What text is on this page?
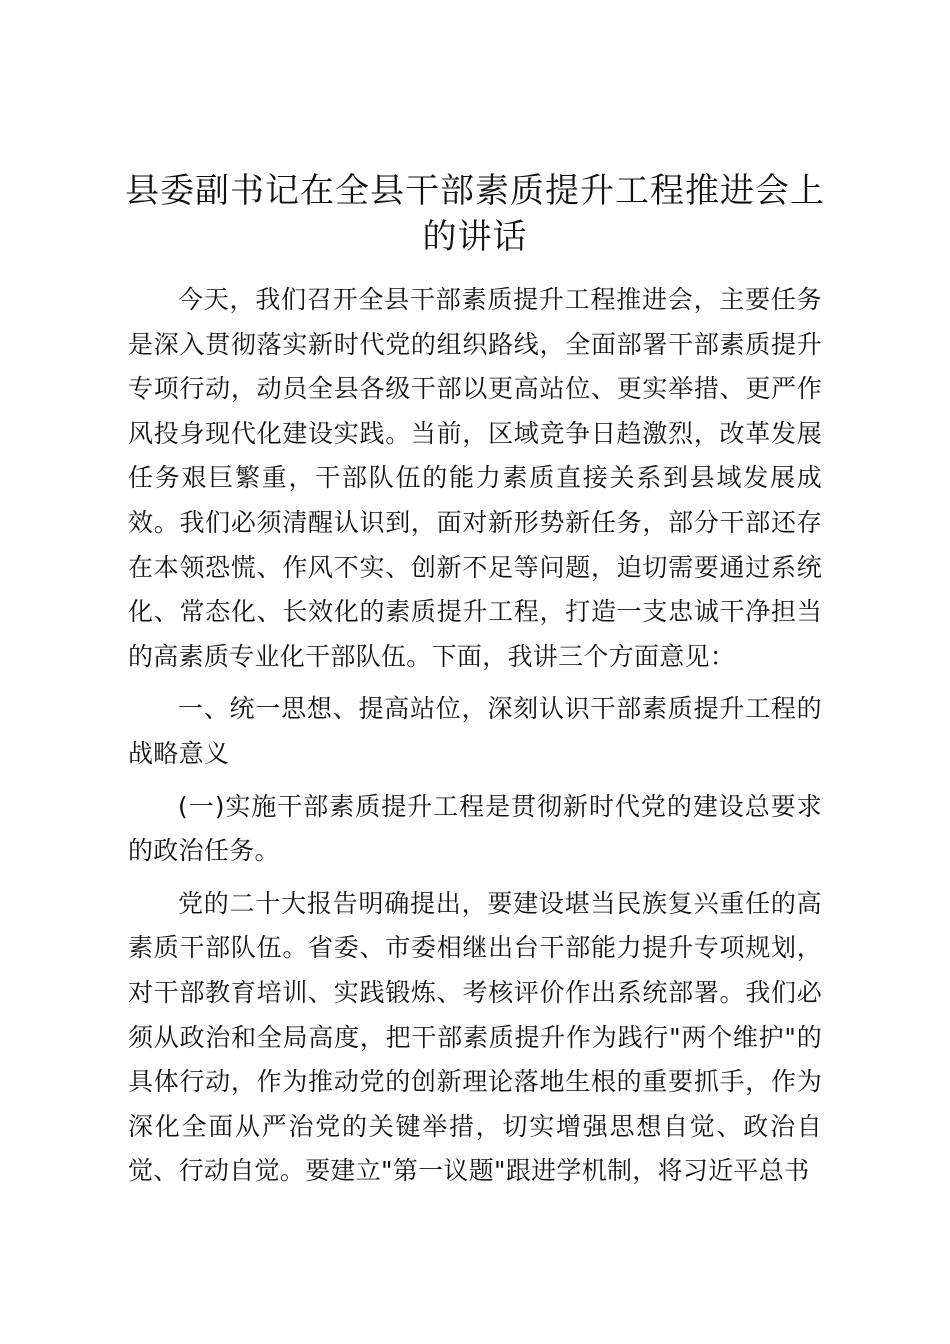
县委副书记在全县干部素质提升工程推进会上的讲话

今天，我们召开全县干部素质提升工程推进会，主要任务是深入贯彻落实新时代党的组织路线，全面部署干部素质提升专项行动，动员全县各级干部以更高站位、更实举措、更严作风投身现代化建设实践。当前，区域竞争日趋激烈，改革发展任务艰巨繁重，干部队伍的能力素质直接关系到县域发展成效。我们必须清醒认识到，面对新形势新任务，部分干部还存在本领恐慌、作风不实、创新不足等问题，迫切需要通过系统化、常态化、长效化的素质提升工程，打造一支忠诚干净担当的高素质专业化干部队伍。下面，我讲三个方面意见：

一、统一思想、提高站位，深刻认识干部素质提升工程的战略意义

(一)实施干部素质提升工程是贯彻新时代党的建设总要求的政治任务。

党的二十大报告明确提出，要建设堪当民族复兴重任的高素质干部队伍。省委、市委相继出台干部能力提升专项规划，对干部教育培训、实践锻炼、考核评价作出系统部署。我们必须从政治和全局高度，把干部素质提升作为践行"两个维护"的具体行动，作为推动党的创新理论落地生根的重要抓手，作为深化全面从严治党的关键举措，切实增强思想自觉、政治自觉、行动自觉。要建立"第一议题"跟进学机制，将习近平总书
